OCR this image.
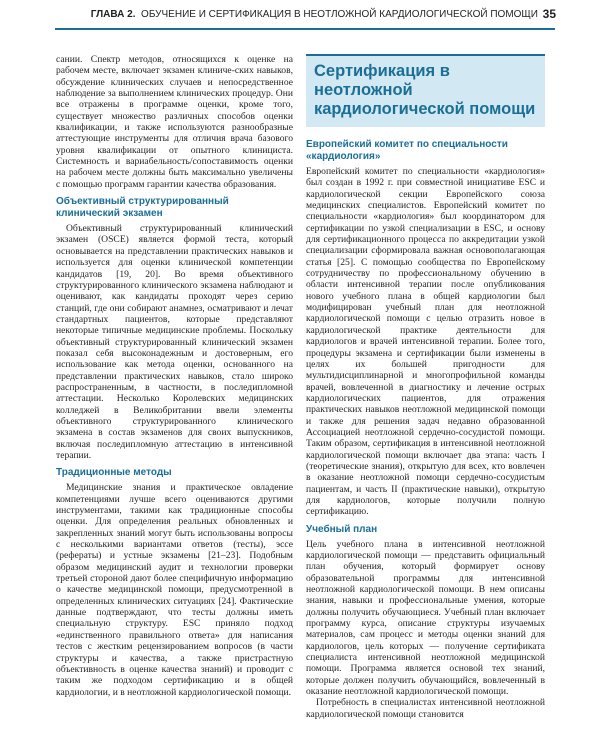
ГЛАВА 2. ОБУЧЕНИЕ И СЕРТИФИКАЦИЯ В НЕОТЛОЖНОЙ КАРДИОЛОГИЧЕСКОЙ ПОМОЩИ 35

сании. Спектр методов, относящихся к оценке на рабочем месте, включает экзамен клиниче-ских навыков, обсуждение клинических случаев и непосредственное наблюдение за выполнением клинических процедур. Они все отражены в программе оценки, кроме того, существует множество различных способов оценки квалификации, и также используются разнообразные аттестующие инструменты для отличия врача базового уровня квалификации от опытного клинициста. Системность и вариабельность/сопоставимость оценки на рабочем месте должны быть максимально увеличены с помощью программ гарантии качества образования.

Объективный структурированный клинический экзамен

Объективный структурированный клинический экзамен (OSCE) является формой теста, который основывается на представлении практических навыков и используется для оценки клинической компетенции кандидатов [19, 20]. Во время объективного структурированного клинического экзамена наблюдают и оценивают, как кандидаты проходят через серию станций, где они собирают анамнез, осматривают и лечат стандартных пациентов, которые представляют некоторые типичные медицинские проблемы. Поскольку объективный структурированный клинический экзамен показал себя высоконадежным и достоверным, его использование как метода оценки, основанного на представлении практических навыков, стало широко распространенным, в частности, в последипломной аттестации. Несколько Королевских медицинских колледжей в Великобритании ввели элементы объективного структурированного клинического экзамена в состав экзаменов для своих выпускников, включая последипломную аттестацию в интенсивной терапии.

Традиционные методы

Медицинские знания и практическое овладение компетенциями лучше всего оцениваются другими инструментами, такими как традиционные способы оценки. Для определения реальных обновленных и закрепленных знаний могут быть использованы вопросы с несколькими вариантами ответов (тесты), эссе (рефераты) и устные экзамены [21–23]. Подобным образом медицинский аудит и технологии проверки третьей стороной дают более специфичную информацию о качестве медицинской помощи, предусмотренной в определенных клинических ситуациях [24]. Фактические данные подтверждают, что тесты должны иметь специальную структуру. ESC приняло подход «единственного правильного ответа» для написания тестов с жестким рецензированием вопросов (в части структуры и качества, а также пристрастную объективность в оценке качества знаний) и проводит с таким же подходом сертификацию и в общей кардиологии, и в неотложной кардиологической помощи.

Сертификация в неотложной кардиологической помощи
Европейский комитет по специальности «кардиология»

Европейский комитет по специальности «кардиология» был создан в 1992 г. при совместной инициативе ESC и кардиологической секции Европейского союза медицинских специалистов. Европейский комитет по специальности «кардиология» был координатором для сертификации по узкой специализации в ESC, и основу для сертификационного процесса по аккредитации узкой специализации сформировала важная основополагающая статья [25]. С помощью сообщества по Европейскому сотрудничеству по профессиональному обучению в области интенсивной терапии после опубликования нового учебного плана в общей кардиологии был модифицирован учебный план для неотложной кардиологической помощи с целью отразить новое в кардиологической практике деятельности для кардиологов и врачей интенсивной терапии. Более того, процедуры экзамена и сертификации были изменены в целях их большей пригодности для мультидисциплинарной и многопрофильной команды врачей, вовлеченной в диагностику и лечение острых кардиологических пациентов, для отражения практических навыков неотложной медицинской помощи и также для решения задач недавно образованной Ассоциацией неотложной сердечно-сосудистой помощи. Таким образом, сертификация в интенсивной неотложной кардиологической помощи включает два этапа: часть I (теоретические знания), открытую для всех, кто вовлечен в оказание неотложной помощи сердечно-сосудистым пациентам, и часть II (практические навыки), открытую для кардиологов, которые получили полную сертификацию.

Учебный план

Цель учебного плана в интенсивной неотложной кардиологической помощи — представить официальный план обучения, который формирует основу образовательной программы для интенсивной неотложной кардиологической помощи. В нем описаны знания, навыки и профессиональные умения, которые должны получить обучающиеся. Учебный план включает программу курса, описание структуры изучаемых материалов, сам процесс и методы оценки знаний для кардиологов, цель которых — получение сертификата специалиста интенсивной неотложной медицинской помощи. Программа является основой тех знаний, которые должен получить обучающийся, вовлеченный в оказание неотложной кардиологической помощи.

Потребность в специалистах интенсивной неотложной кардиологической помощи становится
